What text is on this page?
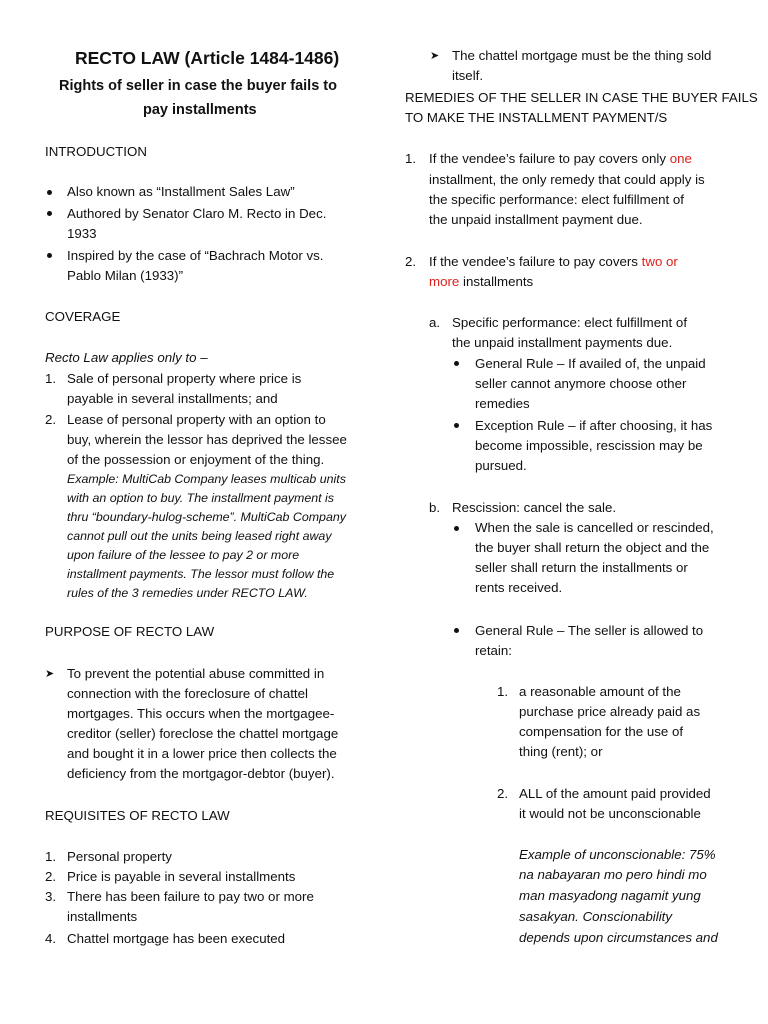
RECTO LAW (Article 1484-1486)
Rights of seller in case the buyer fails to
pay installments
INTRODUCTION
Also known as “Installment Sales Law”
Authored by Senator Claro M. Recto in Dec.
1933
Inspired by the case of “Bachrach Motor vs.
Pablo Milan (1933)”
COVERAGE
Recto Law applies only to –
1. Sale of personal property where price is
payable in several installments; and
2. Lease of personal property with an option to
buy, wherein the lessor has deprived the lessee
of the possession or enjoyment of the thing.
Example: MultiCab Company leases multicab units
with an option to buy. The installment payment is
thru “boundary-hulog-scheme”. MultiCab Company
cannot pull out the units being leased right away
upon failure of the lessee to pay 2 or more
installment payments. The lessor must follow the
rules of the 3 remedies under RECTO LAW.
PURPOSE OF RECTO LAW
➤ To prevent the potential abuse committed in
connection with the foreclosure of chattel
mortgages. This occurs when the mortgagee-
creditor (seller) foreclose the chattel mortgage
and bought it in a lower price then collects the
deficiency from the mortgagor-debtor (buyer).
REQUISITES OF RECTO LAW
1. Personal property
2. Price is payable in several installments
3. There has been failure to pay two or more
installments
4. Chattel mortgage has been executed
➤ The chattel mortgage must be the thing sold
itself.
REMEDIES OF THE SELLER IN CASE THE BUYER FAILS
TO MAKE THE INSTALLMENT PAYMENT/S
1. If the vendee’s failure to pay covers only one
installment, the only remedy that could apply is
the specific performance: elect fulfillment of
the unpaid installment payment due.
2. If the vendee’s failure to pay covers two or
more installments
a. Specific performance: elect fulfillment of
the unpaid installment payments due.
General Rule – If availed of, the unpaid
seller cannot anymore choose other
remedies
Exception Rule – if after choosing, it has
become impossible, rescission may be
pursued.
b. Rescission: cancel the sale.
When the sale is cancelled or rescinded,
the buyer shall return the object and the
seller shall return the installments or
rents received.
General Rule – The seller is allowed to
retain:
1. a reasonable amount of the
purchase price already paid as
compensation for the use of
thing (rent); or
2. ALL of the amount paid provided
it would not be unconscionable
Example of unconscionable: 75%
na nabayaran mo pero hindi mo
man masyadong nagamit yung
sasakyan. Conscionability
depends upon circumstances and
